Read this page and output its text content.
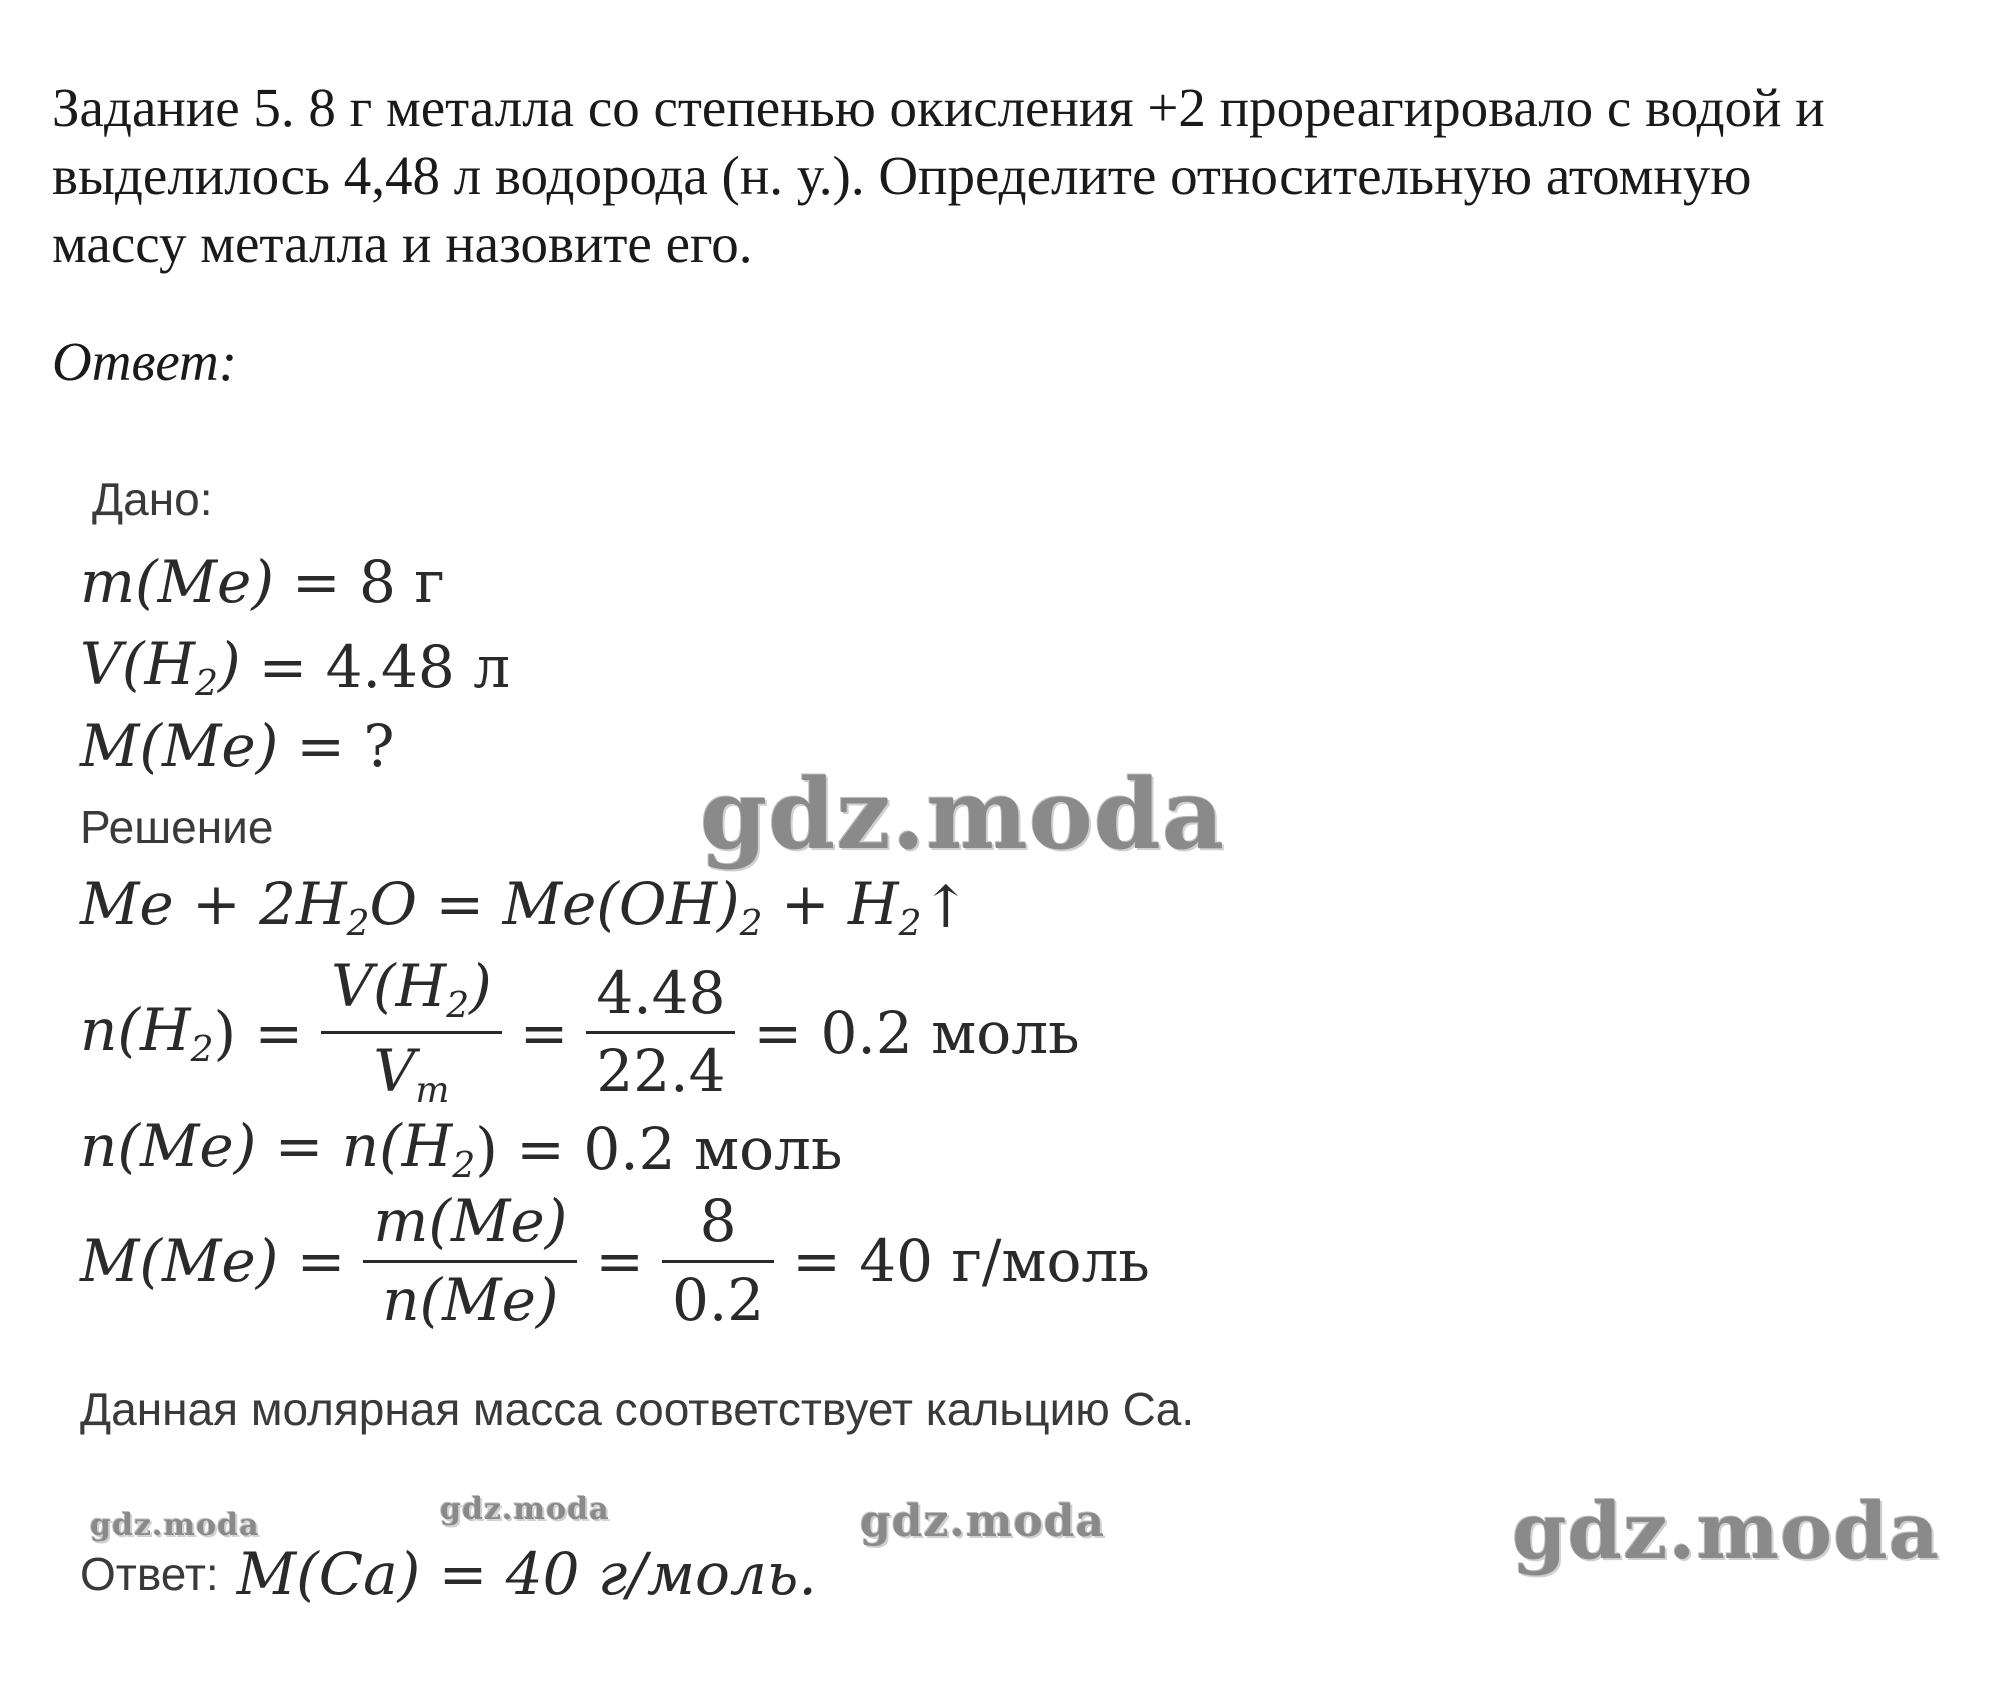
Задание 5. 8 г металла со степенью окисления +2 прореагировало с водой и

выделилось 4,48 л водорода (н. у.). Определите относительную атомную

массу металла и назовите его.

Ответ:

Дано:
m(Me) = 8 г
$V(H_2) = 4.48$ л
M(Me) = ?
Решение
$Me + 2H_2O = Me(OH)_2 + H_2$ ↑
$n(H_2$ ) = $\frac{V(H_2)}{V_m} = \frac{4.48}{22.4} = 0.2$ моль
$n(Me) = n(H_2$ ) = 0.2 моль
$M(Me) = \frac{m(Me)}{n(Me)} = \frac{8}{0.2} = 40$ г/моль
Данная молярная масса соответствует кальцию Ca.
Ответ: M(Ca) = 40 г/моль.
gdz.moda
gdz.moda
gdz.moda	gdz.moda	gdz.moda
